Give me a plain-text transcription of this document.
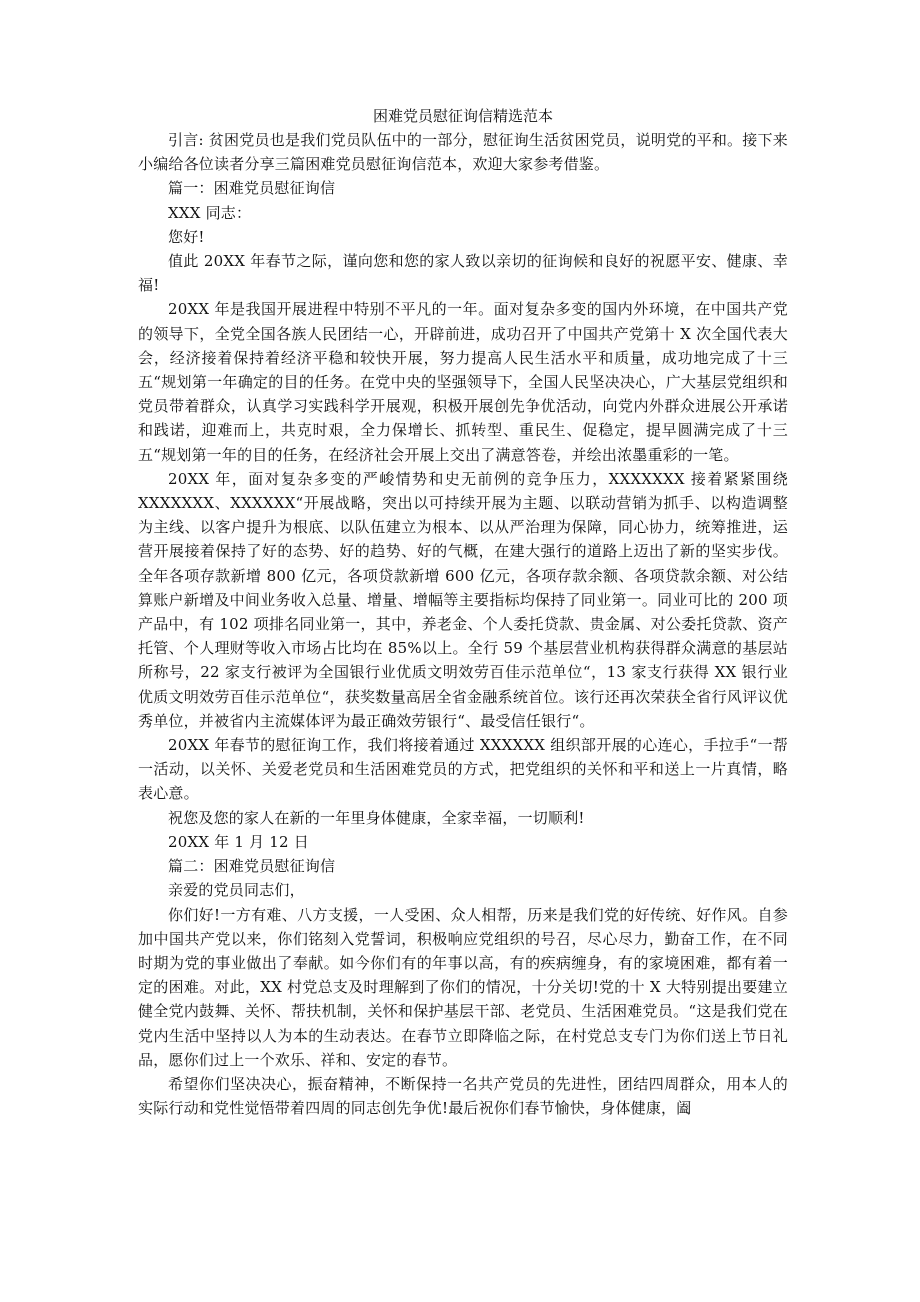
困难党员慰征询信精选范本

引言: 贫困党员也是我们党员队伍中的一部分，慰征询生活贫困党员，说明党的平和。接下来小编给各位读者分享三篇困难党员慰征询信范本，欢迎大家参考借鉴。

篇一：困难党员慰征询信

XXX 同志：

您好!

值此 20XX 年春节之际，谨向您和您的家人致以亲切的征询候和良好的祝愿平安、健康、幸福!

20XX 年是我国开展进程中特别不平凡的一年。面对复杂多变的国内外环境，在中国共产党的领导下，全党全国各族人民团结一心，开辟前进，成功召开了中国共产党第十 X 次全国代表大会，经济接着保持着经济平稳和较快开展，努力提高人民生活水平和质量，成功地完成了十三五“规划第一年确定的目的任务。在党中央的坚强领导下，全国人民坚决决心，广大基层党组织和党员带着群众，认真学习实践科学开展观，积极开展创先争优活动，向党内外群众进展公开承诺和践诺，迎难而上，共克时艰，全力保增长、抓转型、重民生、促稳定，提早圆满完成了十三五“规划第一年的目的任务，在经济社会开展上交出了满意答卷，并绘出浓墨重彩的一笔。

20XX 年，面对复杂多变的严峻情势和史无前例的竞争压力，XXXXXXX 接着紧紧围绕 XXXXXXX、XXXXXX“开展战略，突出以可持续开展为主题、以联动营销为抓手、以构造调整为主线、以客户提升为根底、以队伍建立为根本、以从严治理为保障，同心协力，统筹推进，运营开展接着保持了好的态势、好的趋势、好的气概，在建大强行的道路上迈出了新的坚实步伐。全年各项存款新增 800 亿元，各项贷款新增 600 亿元，各项存款余额、各项贷款余额、对公结算账户新增及中间业务收入总量、增量、增幅等主要指标均保持了同业第一。同业可比的 200 项产品中，有 102 项排名同业第一，其中，养老金、个人委托贷款、贵金属、对公委托贷款、资产托管、个人理财等收入市场占比均在 85%以上。全行 59 个基层营业机构获得群众满意的基层站所称号，22 家支行被评为全国银行业优质文明效劳百佳示范单位“，13 家支行获得 XX 银行业优质文明效劳百佳示范单位“，获奖数量高居全省金融系统首位。该行还再次荣获全省行风评议优秀单位，并被省内主流媒体评为最正确效劳银行“、最受信任银行“。

20XX 年春节的慰征询工作，我们将接着通过 XXXXXX 组织部开展的心连心，手拉手“一帮一活动，以关怀、关爱老党员和生活困难党员的方式，把党组织的关怀和平和送上一片真情，略表心意。

祝您及您的家人在新的一年里身体健康，全家幸福，一切顺利!

20XX 年 1 月 12 日

篇二：困难党员慰征询信

亲爱的党员同志们，

你们好!一方有难、八方支援，一人受困、众人相帮，历来是我们党的好传统、好作风。自参加中国共产党以来，你们铭刻入党誓词，积极响应党组织的号召，尽心尽力，勤奋工作，在不同时期为党的事业做出了奉献。如今你们有的年事以高，有的疾病缠身，有的家境困难，都有着一定的困难。对此，XX 村党总支及时理解到了你们的情况，十分关切!党的十 X 大特别提出要建立健全党内鼓舞、关怀、帮扶机制，关怀和保护基层干部、老党员、生活困难党员。“这是我们党在党内生活中坚持以人为本的生动表达。在春节立即降临之际，在村党总支专门为你们送上节日礼品，愿你们过上一个欢乐、祥和、安定的春节。

希望你们坚决决心，振奋精神，不断保持一名共产党员的先进性，团结四周群众，用本人的实际行动和党性觉悟带着四周的同志创先争优!最后祝你们春节愉快，身体健康，阖
